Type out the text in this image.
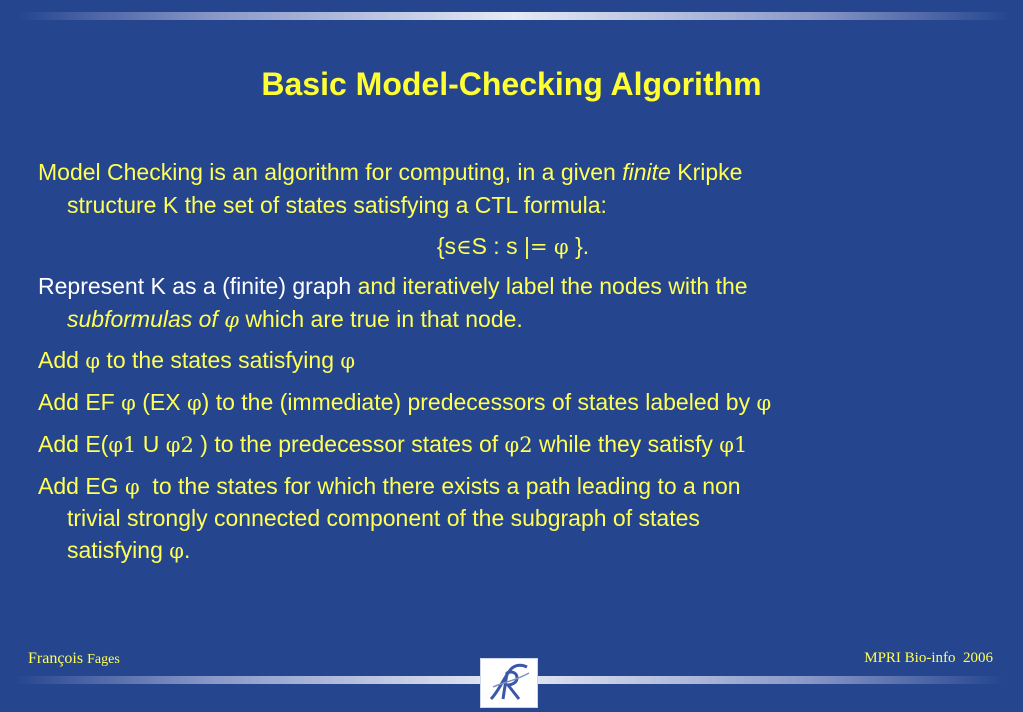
Basic Model-Checking Algorithm
Model Checking is an algorithm for computing, in a given finite Kripke
structure K the set of states satisfying a CTL formula:
{s∈S : s |= φ }.
Represent K as a (finite) graph and iteratively label the nodes with the
subformulas of φ which are true in that node.
Add φ to the states satisfying φ
Add EF φ (EX φ) to the (immediate) predecessors of states labeled by φ
Add E(φ1 U φ2 ) to the predecessor states of φ2 while they satisfy φ1
Add EG φ  to the states for which there exists a path leading to a non
trivial strongly connected component of the subgraph of states
satisfying φ.
François Fages	MPRI Bio-info  2006
